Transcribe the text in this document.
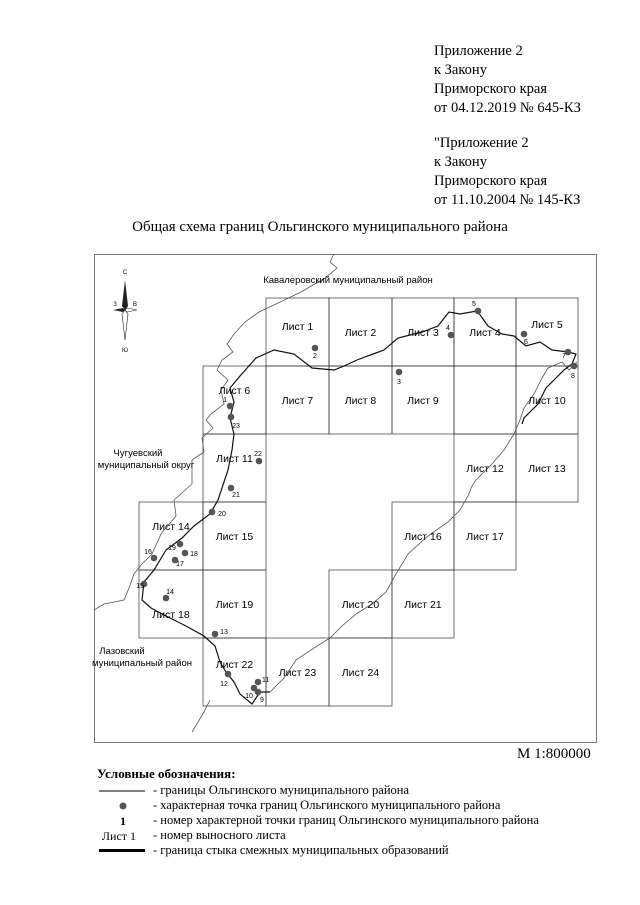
Приложение 2
к Закону
Приморского края
от 04.12.2019 № 645-КЗ
"Приложение 2
к Закону
Приморского края
от 11.10.2004 № 145-КЗ
Общая схема границ Ольгинского муниципального района
1
2
3
4
5
6
7
8
9
10
11
12
13
14
15
16
17
18
19
20
21
22
23
Лист 1	Лист 2	Лист 3	Лист 4
Лист 5
Лист 6
Лист 7	Лист 8	Лист 9	Лист 10
Лист 11
Лист 12 Лист 13
Лист 14
Лист 15	Лист 16 Лист 17
Лист 18
Лист 19	Лист 20 Лист 21
Лист 22
Лист 23 Лист 24
Кавалеровский муниципальный район
Чугуевский
муниципальный округ
Лазовский
муниципальный район
С
Ю
З	В
М 1:800000
Условные обозначения:
- границы Ольгинского муниципального района
- характерная точка границ Ольгинского муниципального района
1 - номер характерной точки границ Ольгинского муниципального района
Лист 1 - номер выносного листа
- граница стыка смежных муниципальных образований
